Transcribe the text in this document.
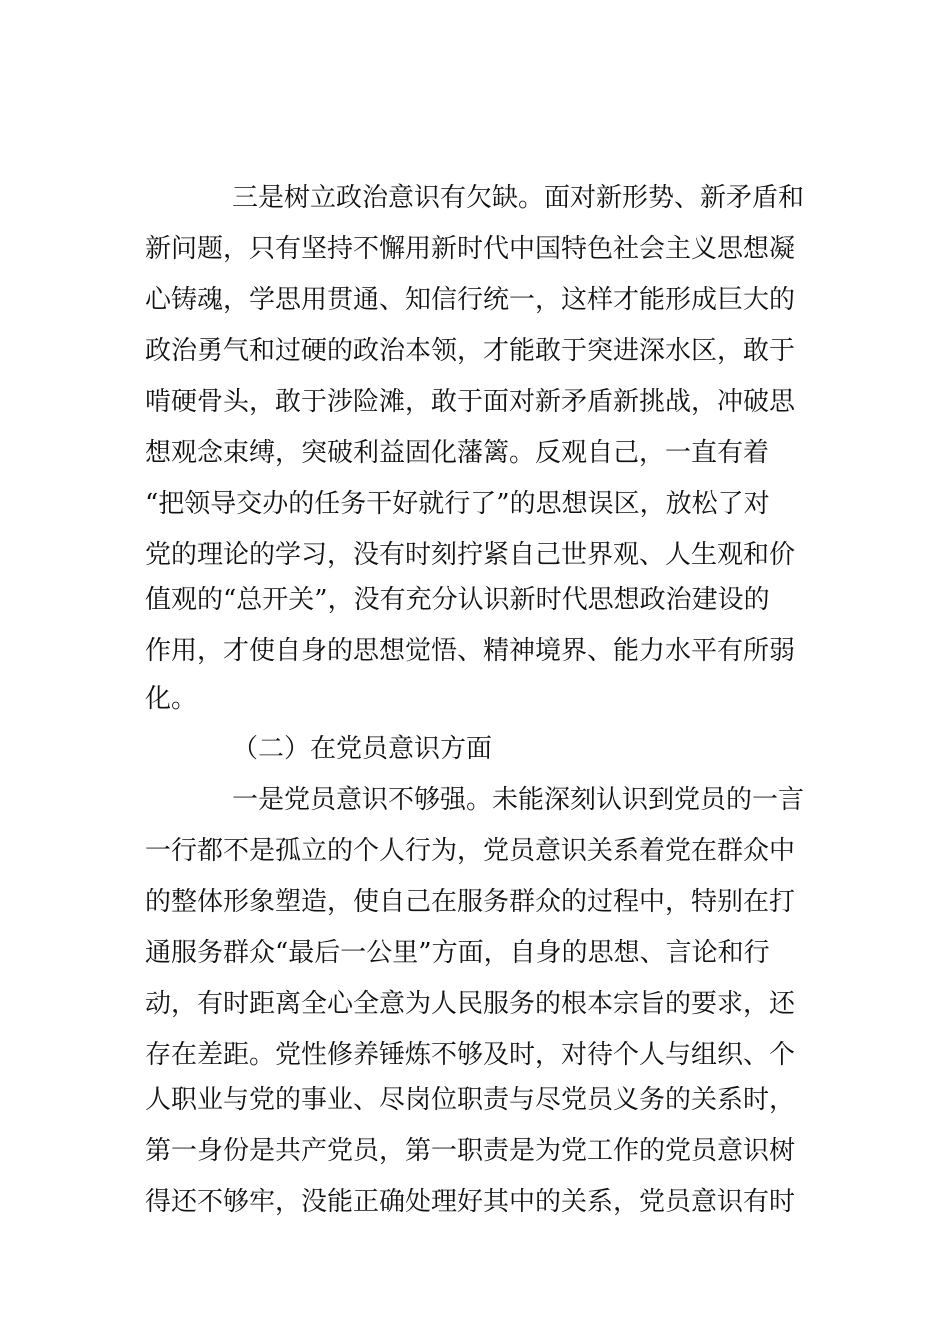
三是树立政治意识有欠缺。面对新形势、新矛盾和
新问题，只有坚持不懈用新时代中国特色社会主义思想凝
心铸魂，学思用贯通、知信行统一，这样才能形成巨大的
政治勇气和过硬的政治本领，才能敢于突进深水区，敢于
啃硬骨头，敢于涉险滩，敢于面对新矛盾新挑战，冲破思
想观念束缚，突破利益固化藩篱。反观自己，一直有着
“把领导交办的任务干好就行了”的思想误区，放松了对
党的理论的学习，没有时刻拧紧自己世界观、人生观和价
值观的“总开关”，没有充分认识新时代思想政治建设的
作用，才使自身的思想觉悟、精神境界、能力水平有所弱
化。
（二）在党员意识方面
一是党员意识不够强。未能深刻认识到党员的一言
一行都不是孤立的个人行为，党员意识关系着党在群众中
的整体形象塑造，使自己在服务群众的过程中，特别在打
通服务群众“最后一公里”方面，自身的思想、言论和行
动，有时距离全心全意为人民服务的根本宗旨的要求，还
存在差距。党性修养锤炼不够及时，对待个人与组织、个
人职业与党的事业、尽岗位职责与尽党员义务的关系时，
第一身份是共产党员，第一职责是为党工作的党员意识树
得还不够牢，没能正确处理好其中的关系，党员意识有时
